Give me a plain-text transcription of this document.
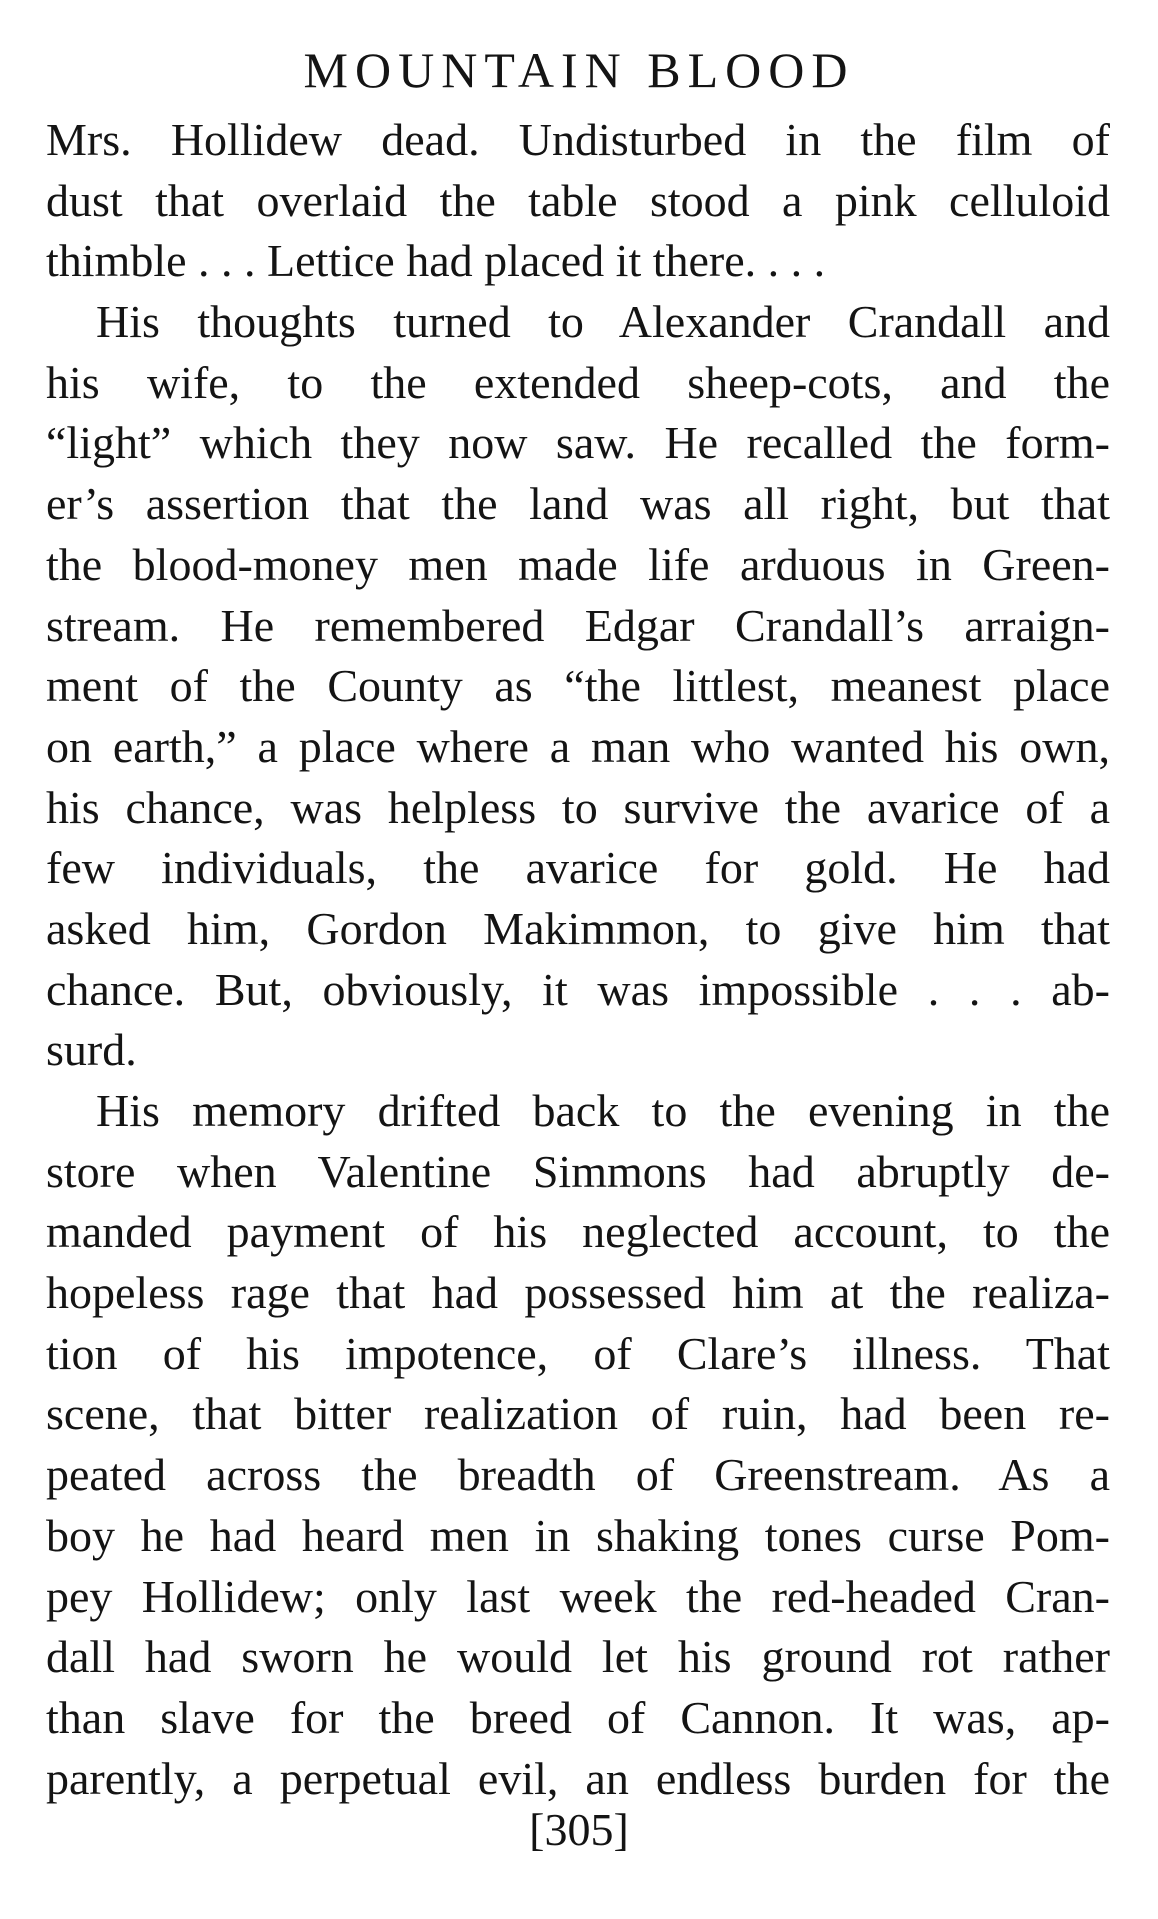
MOUNTAIN BLOOD
Mrs. Hollidew dead. Undisturbed in the film of
dust that overlaid the table stood a pink celluloid
thimble . . . Lettice had placed it there. . . .
His thoughts turned to Alexander Crandall and
his wife, to the extended sheep-cots, and the
“light” which they now saw. He recalled the form-
er’s assertion that the land was all right, but that
the blood-money men made life arduous in Green-
stream. He remembered Edgar Crandall’s arraign-
ment of the County as “the littlest, meanest place
on earth,” a place where a man who wanted his own,
his chance, was helpless to survive the avarice of a
few individuals, the avarice for gold. He had
asked him, Gordon Makimmon, to give him that
chance. But, obviously, it was impossible . . . ab-
surd.
His memory drifted back to the evening in the
store when Valentine Simmons had abruptly de-
manded payment of his neglected account, to the
hopeless rage that had possessed him at the realiza-
tion of his impotence, of Clare’s illness. That
scene, that bitter realization of ruin, had been re-
peated across the breadth of Greenstream. As a
boy he had heard men in shaking tones curse Pom-
pey Hollidew; only last week the red-headed Cran-
dall had sworn he would let his ground rot rather
than slave for the breed of Cannon. It was, ap-
parently, a perpetual evil, an endless burden for the
[305]
